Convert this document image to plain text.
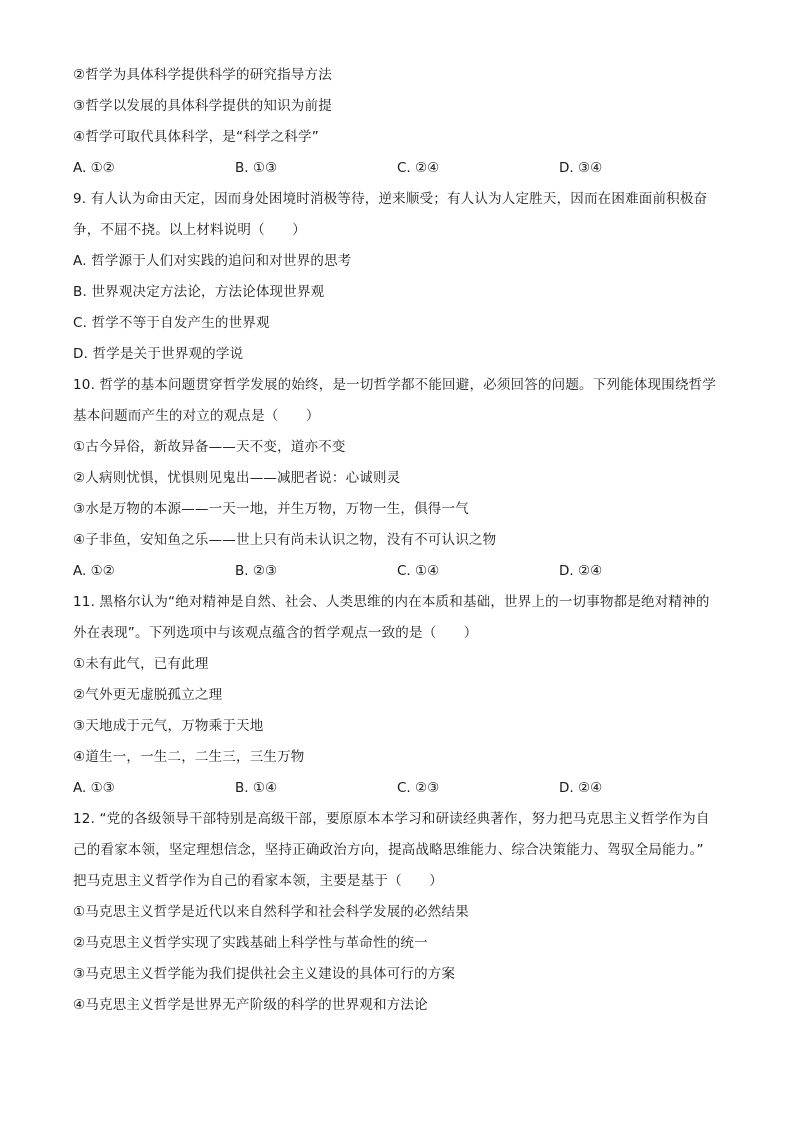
②哲学为具体科学提供科学的研究指导方法
③哲学以发展的具体科学提供的知识为前提
④哲学可取代具体科学，是“科学之科学”
A. ①②	B. ①③	C. ②④	D. ③④
9. 有人认为命由天定，因而身处困境时消极等待，逆来顺受；有人认为人定胜天，因而在困难面前积极奋
争，不屈不挠。以上材料说明（　　）
A. 哲学源于人们对实践的追问和对世界的思考
B. 世界观决定方法论，方法论体现世界观
C. 哲学不等于自发产生的世界观
D. 哲学是关于世界观的学说
10. 哲学的基本问题贯穿哲学发展的始终，是一切哲学都不能回避，必须回答的问题。下列能体现围绕哲学
基本问题而产生的对立的观点是（　　）
①古今异俗，新故异备——天不变，道亦不变
②人病则忧惧，忧惧则见鬼出——减肥者说：心诚则灵
③水是万物的本源——一天一地，并生万物，万物一生，俱得一气
④子非鱼，安知鱼之乐——世上只有尚未认识之物，没有不可认识之物
A. ①②	B. ②③	C. ①④	D. ②④
11. 黑格尔认为“绝对精神是自然、社会、人类思维的内在本质和基础，世界上的一切事物都是绝对精神的
外在表现”。下列选项中与该观点蕴含的哲学观点一致的是（　　）
①未有此气，已有此理
②气外更无虚脱孤立之理
③天地成于元气，万物乘于天地
④道生一，一生二，二生三，三生万物
A. ①③	B. ①④	C. ②③	D. ②④
12. “党的各级领导干部特别是高级干部，要原原本本学习和研读经典著作，努力把马克思主义哲学作为自
己的看家本领，坚定理想信念，坚持正确政治方向，提高战略思维能力、综合决策能力、驾驭全局能力。”
把马克思主义哲学作为自己的看家本领，主要是基于（　　）
①马克思主义哲学是近代以来自然科学和社会科学发展的必然结果
②马克思主义哲学实现了实践基础上科学性与革命性的统一
③马克思主义哲学能为我们提供社会主义建设的具体可行的方案
④马克思主义哲学是世界无产阶级的科学的世界观和方法论
